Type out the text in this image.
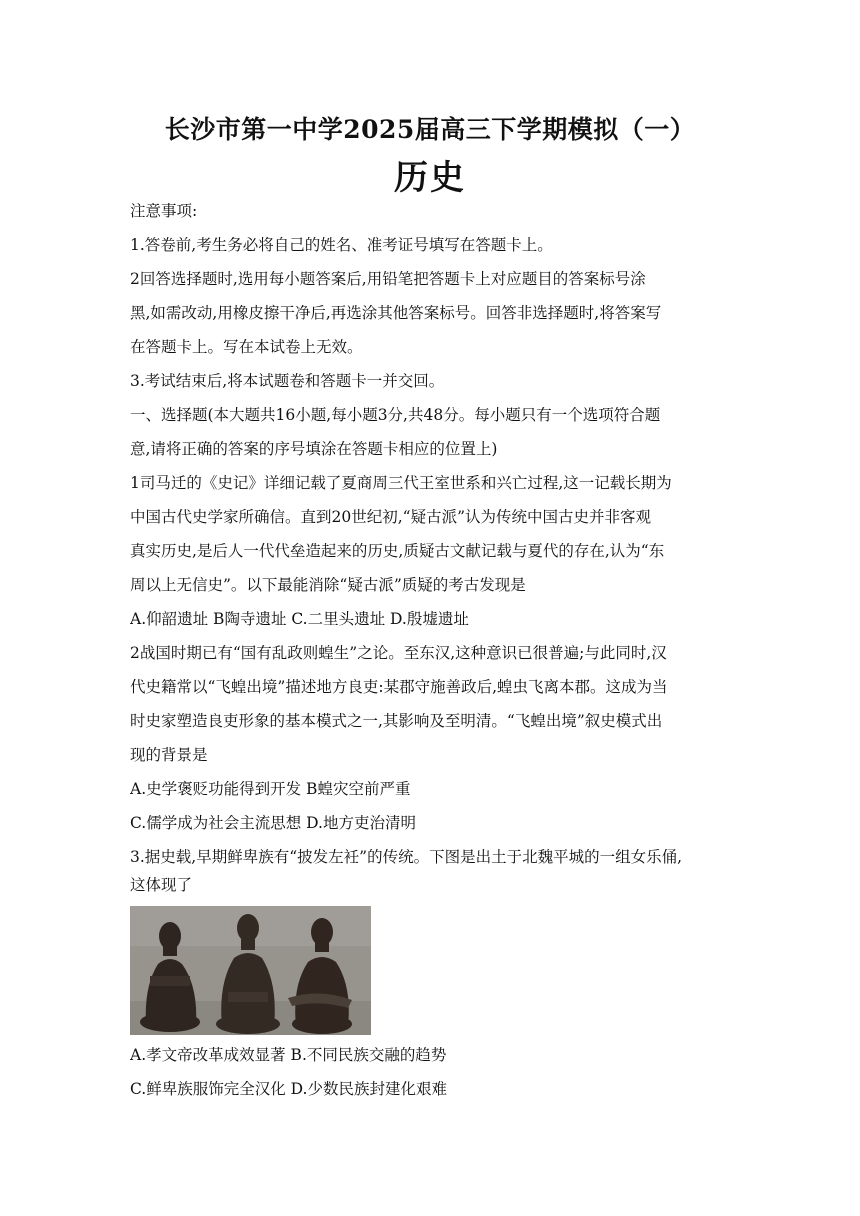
长沙市第一中学2025届高三下学期模拟（一）
历史
注意事项:
1.答卷前,考生务必将自己的姓名、准考证号填写在答题卡上。
2回答选择题时,选用每小题答案后,用铅笔把答题卡上对应题目的答案标号涂
黑,如需改动,用橡皮擦干净后,再选涂其他答案标号。回答非选择题时,将答案写
在答题卡上。写在本试卷上无效。
3.考试结束后,将本试题卷和答题卡一并交回。
一、选择题(本大题共16小题,每小题3分,共48分。每小题只有一个选项符合题
意,请将正确的答案的序号填涂在答题卡相应的位置上)
1司马迁的《史记》详细记载了夏商周三代王室世系和兴亡过程,这一记载长期为
中国古代史学家所确信。直到20世纪初,“疑古派”认为传统中国古史并非客观
真实历史,是后人一代代垒造起来的历史,质疑古文献记载与夏代的存在,认为“东
周以上无信史”。以下最能消除“疑古派”质疑的考古发现是
A.仰韶遗址 B陶寺遗址 C.二里头遗址 D.殷墟遗址
2战国时期已有“国有乱政则蝗生”之论。至东汉,这种意识已很普遍;与此同时,汉
代史籍常以“飞蝗出境”描述地方良吏:某郡守施善政后,蝗虫飞离本郡。这成为当
时史家塑造良吏形象的基本模式之一,其影响及至明清。“飞蝗出境”叙史模式出
现的背景是
A.史学褒贬功能得到开发 B蝗灾空前严重
C.儒学成为社会主流思想 D.地方吏治清明
3.据史载,早期鲜卑族有“披发左衽”的传统。下图是出土于北魏平城的一组女乐俑,
这体现了
A.孝文帝改革成效显著 B.不同民族交融的趋势
C.鲜卑族服饰完全汉化 D.少数民族封建化艰难
